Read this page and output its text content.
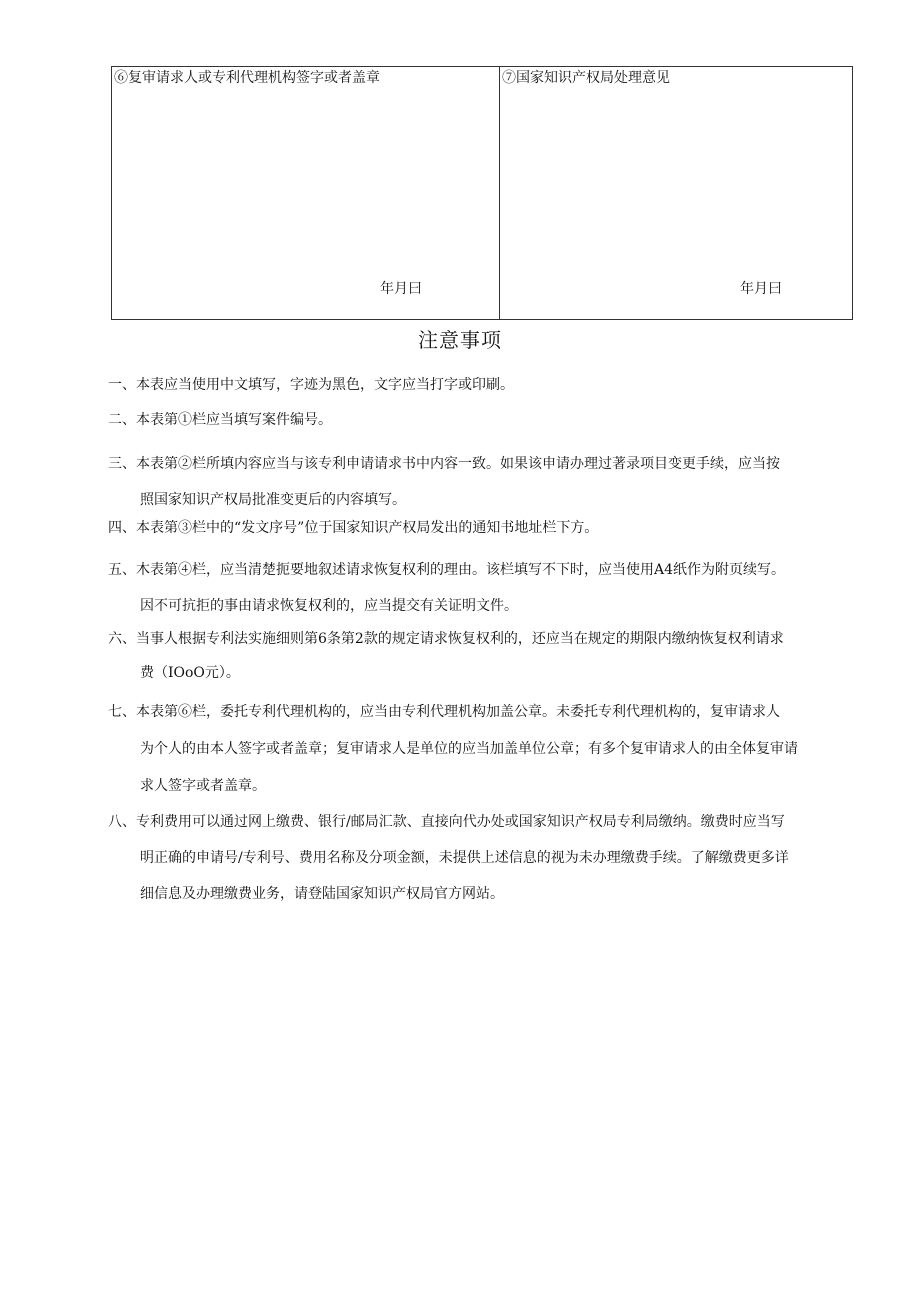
⑥复审请求人或专利代理机构签字或者盖章
年月曰
⑦国家知识产权局处理意见
年月曰
注意事项
一、本表应当使用中文填写，字迹为黑色，文字应当打字或印刷。
二、本表第①栏应当填写案件编号。
三、本表第②栏所填内容应当与该专利申请请求书中内容一致。如果该申请办理过著录项目变更手续，应当按
照国家知识产权局批准变更后的内容填写。
四、本表第③栏中的“发文序号”位于国家知识产权局发出的通知书地址栏下方。
五、木表第④栏，应当清楚扼要地叙述请求恢复权利的理由。该栏填写不下时，应当使用A4纸作为附页续写。
因不可抗拒的事由请求恢复权利的，应当提交有关证明文件。
六、当事人根据专利法实施细则第6条第2款的规定请求恢复权利的，还应当在规定的期限内缴纳恢复权利请求
费（IOoO元）。
七、本表第⑥栏，委托专利代理机构的，应当由专利代理机构加盖公章。未委托专利代理机构的，复审请求人
为个人的由本人签字或者盖章；复审请求人是单位的应当加盖单位公章；有多个复审请求人的由全体复审请
求人签字或者盖章。
八、专利费用可以通过网上缴费、银行/邮局汇款、直接向代办处或国家知识产权局专利局缴纳。缴费时应当写
明正确的申请号/专利号、费用名称及分项金额，未提供上述信息的视为未办理缴费手续。了解缴费更多详
细信息及办理缴费业务，请登陆国家知识产权局官方网站。
